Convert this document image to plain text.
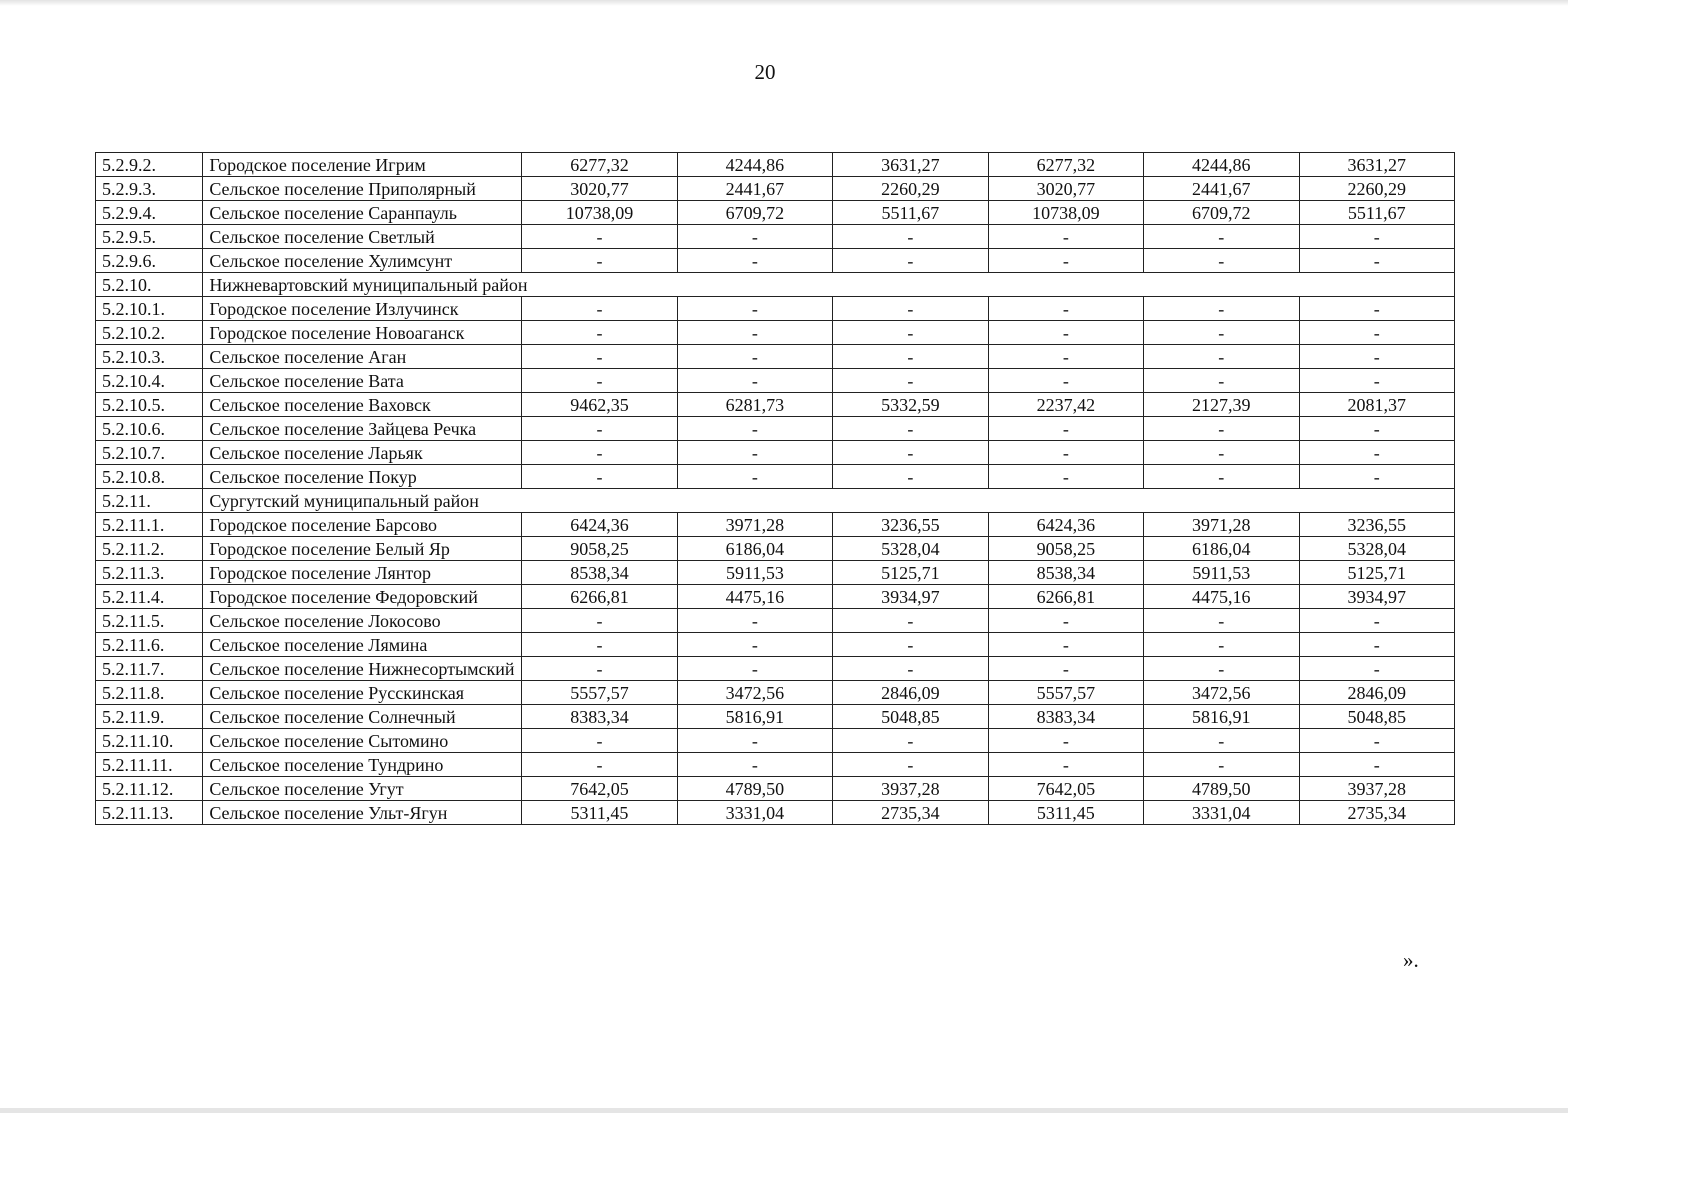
20
5.2.9.2.	Городское поселение Игрим	6277,32	4244,86	3631,27	6277,32	4244,86	3631,27
5.2.9.3.	Сельское поселение Приполярный	3020,77	2441,67	2260,29	3020,77	2441,67	2260,29
5.2.9.4.	Сельское поселение Саранпауль	10738,09	6709,72	5511,67	10738,09	6709,72	5511,67
5.2.9.5.	Сельское поселение Светлый	-	-	-	-	-	-
5.2.9.6.	Сельское поселение Хулимсунт	-	-	-	-	-	-
5.2.10.	Нижневартовский муниципальный район						
5.2.10.1.	Городское поселение Излучинск	-	-	-	-	-	-
5.2.10.2.	Городское поселение Новоаганск	-	-	-	-	-	-
5.2.10.3.	Сельское поселение Аган	-	-	-	-	-	-
5.2.10.4.	Сельское поселение Вата	-	-	-	-	-	-
5.2.10.5.	Сельское поселение Ваховск	9462,35	6281,73	5332,59	2237,42	2127,39	2081,37
5.2.10.6.	Сельское поселение Зайцева Речка	-	-	-	-	-	-
5.2.10.7.	Сельское поселение Ларьяк	-	-	-	-	-	-
5.2.10.8.	Сельское поселение Покур	-	-	-	-	-	-
5.2.11.	Сургутский муниципальный район						
5.2.11.1.	Городское поселение Барсово	6424,36	3971,28	3236,55	6424,36	3971,28	3236,55
5.2.11.2.	Городское поселение Белый Яр	9058,25	6186,04	5328,04	9058,25	6186,04	5328,04
5.2.11.3.	Городское поселение Лянтор	8538,34	5911,53	5125,71	8538,34	5911,53	5125,71
5.2.11.4.	Городское поселение Федоровский	6266,81	4475,16	3934,97	6266,81	4475,16	3934,97
5.2.11.5.	Сельское поселение Локосово	-	-	-	-	-	-
5.2.11.6.	Сельское поселение Лямина	-	-	-	-	-	-
5.2.11.7.	Сельское поселение Нижнесортымский	-	-	-	-	-	-
5.2.11.8.	Сельское поселение Русскинская	5557,57	3472,56	2846,09	5557,57	3472,56	2846,09
5.2.11.9.	Сельское поселение Солнечный	8383,34	5816,91	5048,85	8383,34	5816,91	5048,85
5.2.11.10.	Сельское поселение Сытомино	-	-	-	-	-	-
5.2.11.11.	Сельское поселение Тундрино	-	-	-	-	-	-
5.2.11.12.	Сельское поселение Угут	7642,05	4789,50	3937,28	7642,05	4789,50	3937,28
5.2.11.13.	Сельское поселение Ульт-Ягун	5311,45	3331,04	2735,34	5311,45	3331,04	2735,34
».
